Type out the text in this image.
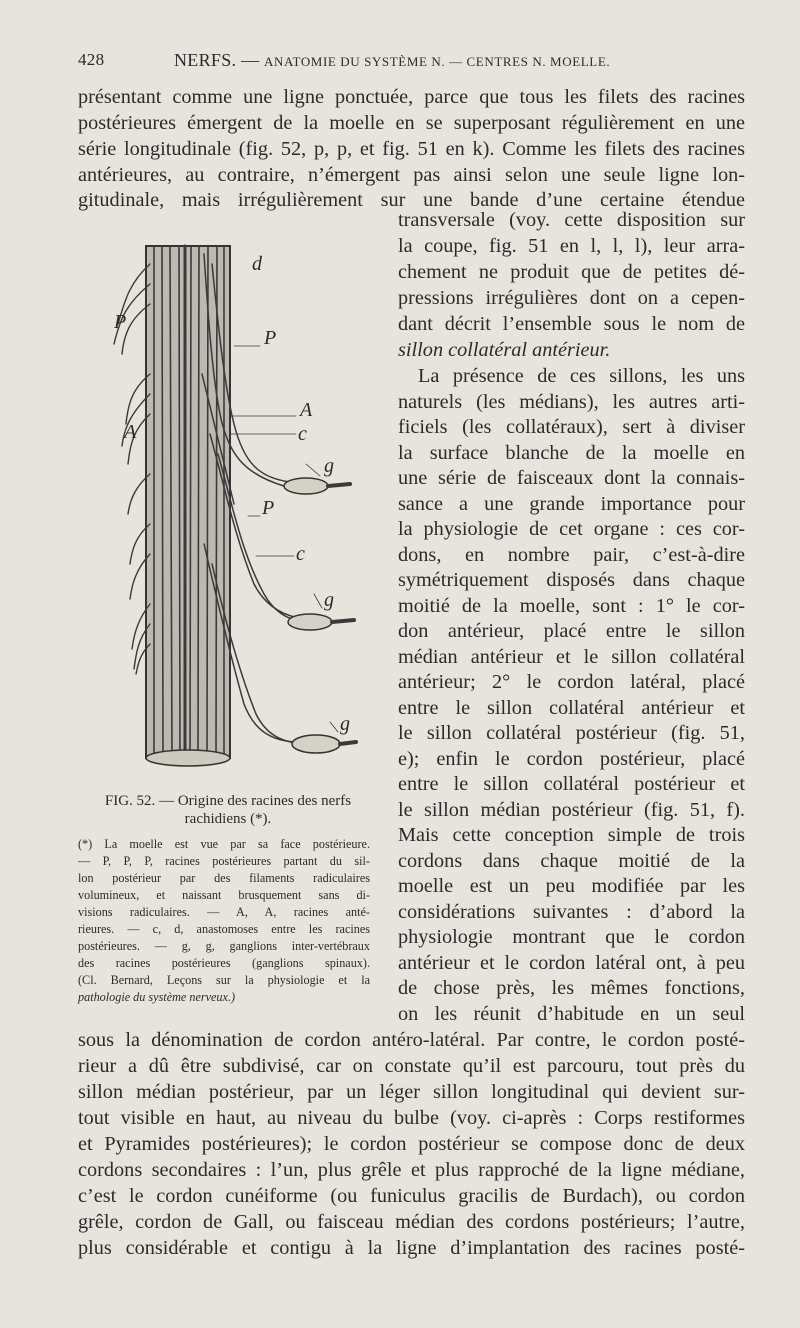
428	NERFS. — ANATOMIE DU SYSTÈME N. — CENTRES N. MOELLE.
présentant comme une ligne ponctuée, parce que tous les filets des racines
postérieures émergent de la moelle en se superposant régulièrement en une
série longitudinale (fig. 52, p, p, et fig. 51 en k). Comme les filets des racines
antérieures, au contraire, n’émergent pas ainsi selon une seule ligne lon-
gitudinale, mais irrégulièrement sur une bande d’une certaine étendue
transversale (voy. cette disposition sur
la coupe, fig. 51 en l, l, l), leur arra-
chement ne produit que de petites dé-
pressions irrégulières dont on a cepen-
dant décrit l’ensemble sous le nom de
sillon collatéral antérieur.
La présence de ces sillons, les uns
naturels (les médians), les autres arti-
ficiels (les collatéraux), sert à diviser
la surface blanche de la moelle en
une série de faisceaux dont la connais-
sance a une grande importance pour
la physiologie de cet organe : ces cor-
dons, en nombre pair, c’est-à-dire
symétriquement disposés dans chaque
moitié de la moelle, sont : 1° le cor-
don antérieur, placé entre le sillon
médian antérieur et le sillon collatéral
antérieur; 2° le cordon latéral, placé
entre le sillon collatéral antérieur et
le sillon collatéral postérieur (fig. 51,
e); enfin le cordon postérieur, placé
entre le sillon collatéral postérieur et
le sillon médian postérieur (fig. 51, f).
Mais cette conception simple de trois
cordons dans chaque moitié de la
moelle est un peu modifiée par les
considérations suivantes : d’abord la
physiologie montrant que le cordon
antérieur et le cordon latéral ont, à peu
de chose près, les mêmes fonctions,
on les réunit d’habitude en un seul
sous la dénomination de cordon antéro-latéral. Par contre, le cordon posté-
rieur a dû être subdivisé, car on constate qu’il est parcouru, tout près du
sillon médian postérieur, par un léger sillon longitudinal qui devient sur-
tout visible en haut, au niveau du bulbe (voy. ci-après : Corps restiformes
et Pyramides postérieures); le cordon postérieur se compose donc de deux
cordons secondaires : l’un, plus grêle et plus rapproché de la ligne médiane,
c’est le cordon cunéiforme (ou funiculus gracilis de Burdach), ou cordon
grêle, cordon de Gall, ou faisceau médian des cordons postérieurs; l’autre,
plus considérable et contigu à la ligne d’implantation des racines posté-
d
P
P
A
A	c
g
P
c
g
g
FIG. 52. — Origine des racines des nerfs rachidiens (*).
(*) La moelle est vue par sa face postérieure.
— P, P, P, racines postérieures partant du sil-
lon postérieur par des filaments radiculaires
volumineux, et naissant brusquement sans di-
visions radiculaires. — A, A, racines anté-
rieures. — c, d, anastomoses entre les racines
postérieures. — g, g, ganglions inter-vertébraux
des racines postérieures (ganglions spinaux).
(Cl. Bernard, Leçons sur la physiologie et la
pathologie du système nerveux.)
